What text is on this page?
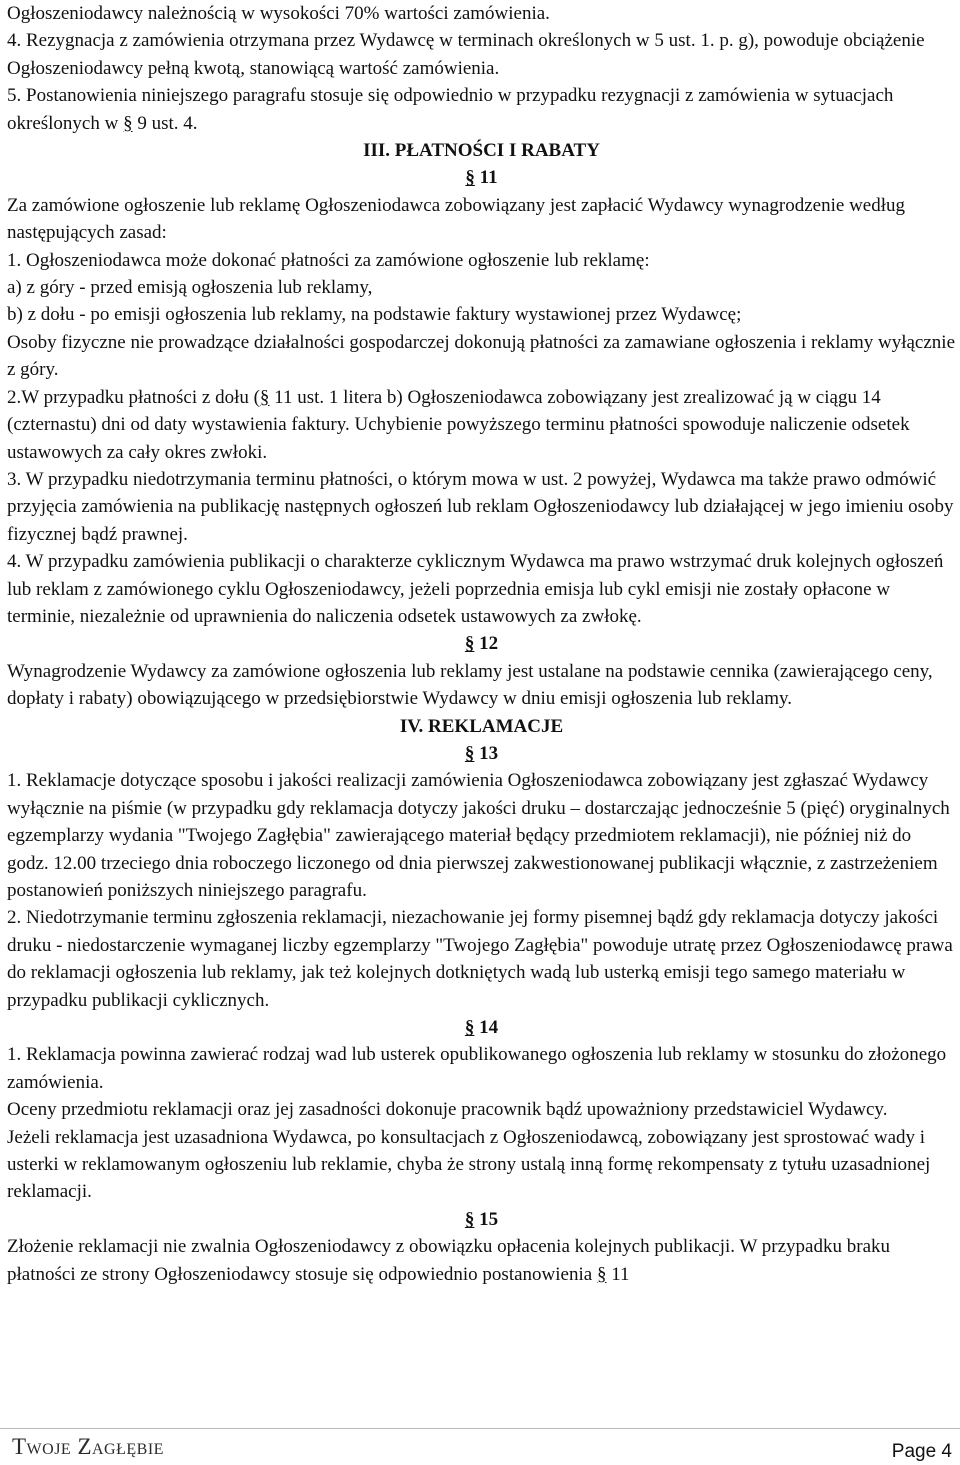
Ogłoszeniodawcy należnością w wysokości 70% wartości zamówienia.

4. Rezygnacja z zamówienia otrzymana przez Wydawcę w terminach określonych w 5 ust. 1. p. g), powoduje obciążenie Ogłoszeniodawcy pełną kwotą, stanowiącą wartość zamówienia.

5. Postanowienia niniejszego paragrafu stosuje się odpowiednio w przypadku rezygnacji z zamówienia w sytuacjach określonych w § 9 ust. 4.

III. PŁATNOŚCI I RABATY

§ 11

Za zamówione ogłoszenie lub reklamę Ogłoszeniodawca zobowiązany jest zapłacić Wydawcy wynagrodzenie według następujących zasad:

1. Ogłoszeniodawca może dokonać płatności za zamówione ogłoszenie lub reklamę:

a) z góry - przed emisją ogłoszenia lub reklamy,

b) z dołu - po emisji ogłoszenia lub reklamy, na podstawie faktury wystawionej przez Wydawcę;

Osoby fizyczne nie prowadzące działalności gospodarczej dokonują płatności za zamawiane ogłoszenia i reklamy wyłącznie z góry.

2.W przypadku płatności z dołu (§ 11 ust. 1 litera b) Ogłoszeniodawca zobowiązany jest zrealizować ją w ciągu 14 (czternastu) dni od daty wystawienia faktury. Uchybienie powyższego terminu płatności spowoduje naliczenie odsetek ustawowych za cały okres zwłoki.

3. W przypadku niedotrzymania terminu płatności, o którym mowa w ust. 2 powyżej, Wydawca ma także prawo odmówić przyjęcia zamówienia na publikację następnych ogłoszeń lub reklam Ogłoszeniodawcy lub działającej w jego imieniu osoby fizycznej bądź prawnej.

4. W przypadku zamówienia publikacji o charakterze cyklicznym Wydawca ma prawo wstrzymać druk kolejnych ogłoszeń lub reklam z zamówionego cyklu Ogłoszeniodawcy, jeżeli poprzednia emisja lub cykl emisji nie zostały opłacone w terminie, niezależnie od uprawnienia do naliczenia odsetek ustawowych za zwłokę.

§ 12

Wynagrodzenie Wydawcy za zamówione ogłoszenia lub reklamy jest ustalane na podstawie cennika (zawierającego ceny, dopłaty i rabaty) obowiązującego w przedsiębiorstwie Wydawcy w dniu emisji ogłoszenia lub reklamy.

IV. REKLAMACJE

§ 13

1. Reklamacje dotyczące sposobu i jakości realizacji zamówienia Ogłoszeniodawca zobowiązany jest zgłaszać Wydawcy wyłącznie na piśmie (w przypadku gdy reklamacja dotyczy jakości druku – dostarczając jednocześnie 5 (pięć) oryginalnych egzemplarzy wydania "Twojego Zagłębia" zawierającego materiał będący przedmiotem reklamacji), nie później niż do godz. 12.00 trzeciego dnia roboczego liczonego od dnia pierwszej zakwestionowanej publikacji włącznie, z zastrzeżeniem postanowień poniższych niniejszego paragrafu.

2. Niedotrzymanie terminu zgłoszenia reklamacji, niezachowanie jej formy pisemnej bądź gdy reklamacja dotyczy jakości druku - niedostarczenie wymaganej liczby egzemplarzy "Twojego Zagłębia" powoduje utratę przez Ogłoszeniodawcę prawa do reklamacji ogłoszenia lub reklamy, jak też kolejnych dotkniętych wadą lub usterką emisji tego samego materiału w przypadku publikacji cyklicznych.

§ 14

1. Reklamacja powinna zawierać rodzaj wad lub usterek opublikowanego ogłoszenia lub reklamy w stosunku do złożonego zamówienia.

Oceny przedmiotu reklamacji oraz jej zasadności dokonuje pracownik bądź upoważniony przedstawiciel Wydawcy.

Jeżeli reklamacja jest uzasadniona Wydawca, po konsultacjach z Ogłoszeniodawcą, zobowiązany jest sprostować wady i usterki w reklamowanym ogłoszeniu lub reklamie, chyba że strony ustalą inną formę rekompensaty z tytułu uzasadnionej reklamacji.

§ 15

Złożenie reklamacji nie zwalnia Ogłoszeniodawcy z obowiązku opłacenia kolejnych publikacji. W przypadku braku płatności ze strony Ogłoszeniodawcy stosuje się odpowiednio postanowienia § 11

Twoje Zagłębie	Page 4
